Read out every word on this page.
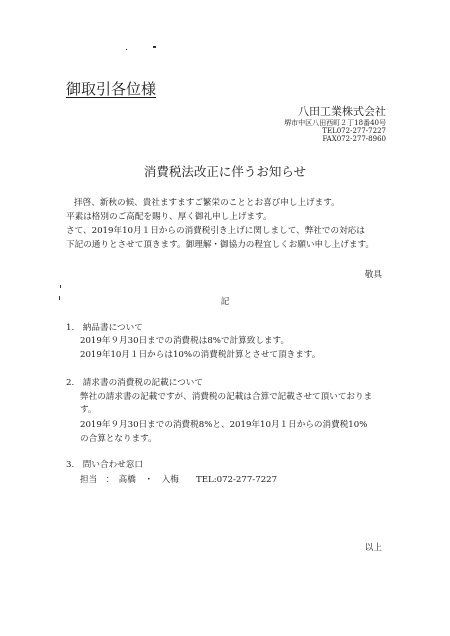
御取引各位様
八田工業株式会社
堺市中区八田西町２丁18番40号
TEL072-277-7227
FAX072-277-8960
消費税法改正に伴うお知らせ
拝啓、新秋の候、貴社ますますご繁栄のこととお喜び申し上げます。
平素は格別のご高配を賜り、厚く御礼申し上げます。
さて、2019年10月１日からの消費税引き上げに関しまして、弊社での対応は
下記の通りとさせて頂きます。御理解・御協力の程宜しくお願い申し上げます。
敬具
記
1.　納品書について
2019年９月30日までの消費税は8%で計算致します。
2019年10月１日からは10%の消費税計算とさせて頂きます。
2.　請求書の消費税の記載について
弊社の請求書の記載ですが、消費税の記載は合算で記載させて頂いておりま
す。
2019年９月30日までの消費税8%と、2019年10月１日からの消費税10%
の合算となります。
3.　問い合わせ窓口
担当　：　高橋　・　入梅　　TEL:072-277-7227
以上
